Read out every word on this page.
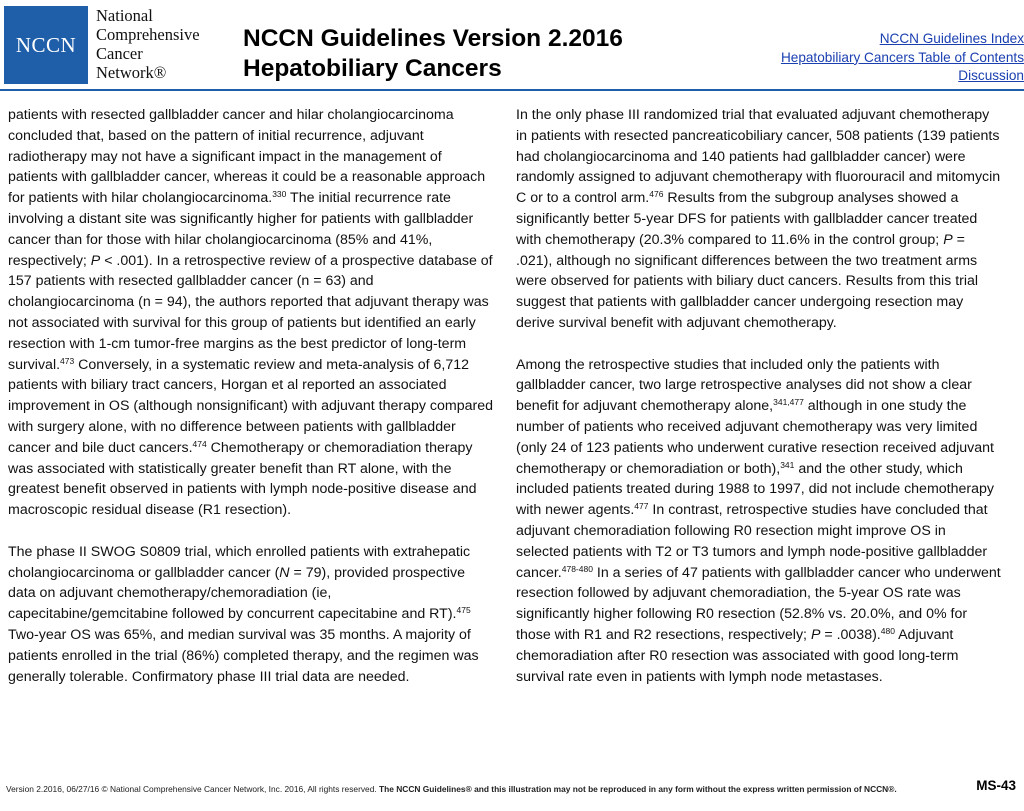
NCCN
National
Comprehensive
Cancer
Network®
NCCN Guidelines Version 2.2016
Hepatobiliary Cancers
NCCN Guidelines Index
Hepatobiliary Cancers Table of Contents
Discussion

patients with resected gallbladder cancer and hilar cholangiocarcinoma concluded that, based on the pattern of initial recurrence, adjuvant radiotherapy may not have a significant impact in the management of patients with gallbladder cancer, whereas it could be a reasonable approach for patients with hilar cholangiocarcinoma.$^{330}$ The initial recurrence rate involving a distant site was significantly higher for patients with gallbladder cancer than for those with hilar cholangiocarcinoma (85% and 41%, respectively; P < .001). In a retrospective review of a prospective database of 157 patients with resected gallbladder cancer (n = 63) and cholangiocarcinoma (n = 94), the authors reported that adjuvant therapy was not associated with survival for this group of patients but identified an early resection with 1-cm tumor-free margins as the best predictor of long-term survival.$^{473}$ Conversely, in a systematic review and meta-analysis of 6,712 patients with biliary tract cancers, Horgan et al reported an associated improvement in OS (although nonsignificant) with adjuvant therapy compared with surgery alone, with no difference between patients with gallbladder cancer and bile duct cancers.$^{474}$ Chemotherapy or chemoradiation therapy was associated with statistically greater benefit than RT alone, with the greatest benefit observed in patients with lymph node-positive disease and macroscopic residual disease (R1 resection).

The phase II SWOG S0809 trial, which enrolled patients with extrahepatic cholangiocarcinoma or gallbladder cancer (N = 79), provided prospective data on adjuvant chemotherapy/chemoradiation (ie, capecitabine/gemcitabine followed by concurrent capecitabine and RT).$^{475}$ Two-year OS was 65%, and median survival was 35 months. A majority of patients enrolled in the trial (86%) completed therapy, and the regimen was generally tolerable. Confirmatory phase III trial data are needed.

In the only phase III randomized trial that evaluated adjuvant chemotherapy in patients with resected pancreaticobiliary cancer, 508 patients (139 patients had cholangiocarcinoma and 140 patients had gallbladder cancer) were randomly assigned to adjuvant chemotherapy with fluorouracil and mitomycin C or to a control arm.$^{476}$ Results from the subgroup analyses showed a significantly better 5-year DFS for patients with gallbladder cancer treated with chemotherapy (20.3% compared to 11.6% in the control group; P = .021), although no significant differences between the two treatment arms were observed for patients with biliary duct cancers. Results from this trial suggest that patients with gallbladder cancer undergoing resection may derive survival benefit with adjuvant chemotherapy.

Among the retrospective studies that included only the patients with gallbladder cancer, two large retrospective analyses did not show a clear benefit for adjuvant chemotherapy alone,$^{341,477}$ although in one study the number of patients who received adjuvant chemotherapy was very limited (only 24 of 123 patients who underwent curative resection received adjuvant chemotherapy or chemoradiation or both),$^{341}$ and the other study, which included patients treated during 1988 to 1997, did not include chemotherapy with newer agents.$^{477}$ In contrast, retrospective studies have concluded that adjuvant chemoradiation following R0 resection might improve OS in selected patients with T2 or T3 tumors and lymph node-positive gallbladder cancer.$^{478-480}$ In a series of 47 patients with gallbladder cancer who underwent resection followed by adjuvant chemoradiation, the 5-year OS rate was significantly higher following R0 resection (52.8% vs. 20.0%, and 0% for those with R1 and R2 resections, respectively; P = .0038).$^{480}$ Adjuvant chemoradiation after R0 resection was associated with good long-term survival rate even in patients with lymph node metastases.

Version 2.2016, 06/27/16 © National Comprehensive Cancer Network, Inc. 2016, All rights reserved. The NCCN Guidelines® and this illustration may not be reproduced in any form without the express written permission of NCCN®.	MS-43
